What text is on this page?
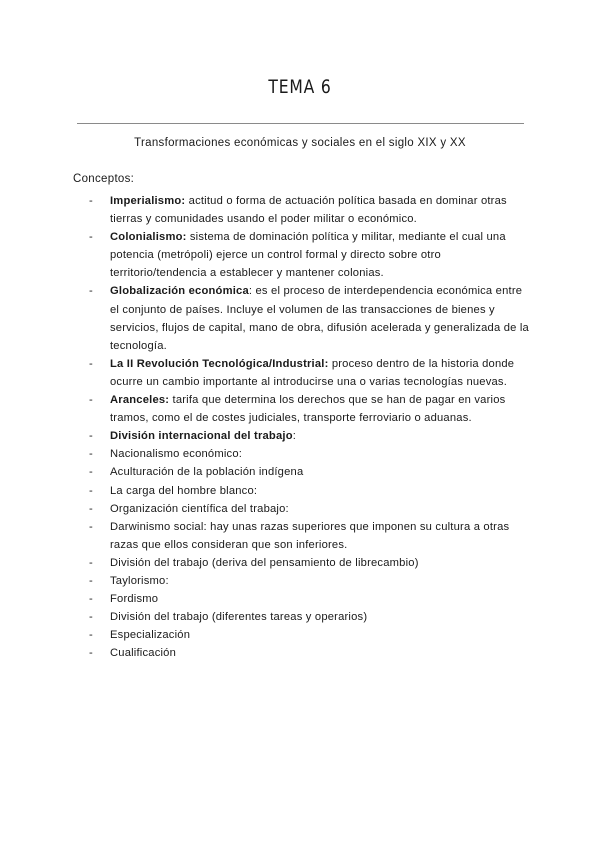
TEMA 6
Transformaciones económicas y sociales en el siglo XIX y XX
Conceptos:
- Imperialismo: actitud o forma de actuación política basada en dominar otras tierras y comunidades usando el poder militar o económico.
- Colonialismo: sistema de dominación política y militar, mediante el cual una potencia (metrópoli) ejerce un control formal y directo sobre otro territorio/tendencia a establecer y mantener colonias.
- Globalización económica: es el proceso de interdependencia económica entre el conjunto de países. Incluye el volumen de las transacciones de bienes y servicios, flujos de capital, mano de obra, difusión acelerada y generalizada de la tecnología.
- La II Revolución Tecnológica/Industrial: proceso dentro de la historia donde ocurre un cambio importante al introducirse una o varias tecnologías nuevas.
- Aranceles: tarifa que determina los derechos que se han de pagar en varios tramos, como el de costes judiciales, transporte ferroviario o aduanas.
- División internacional del trabajo:
- Nacionalismo económico:
- Aculturación de la población indígena
- La carga del hombre blanco:
- Organización científica del trabajo:
- Darwinismo social: hay unas razas superiores que imponen su cultura a otras razas que ellos consideran que son inferiores.
- División del trabajo (deriva del pensamiento de librecambio)
- Taylorismo:
- Fordismo
- División del trabajo (diferentes tareas y operarios)
- Especialización
- Cualificación
